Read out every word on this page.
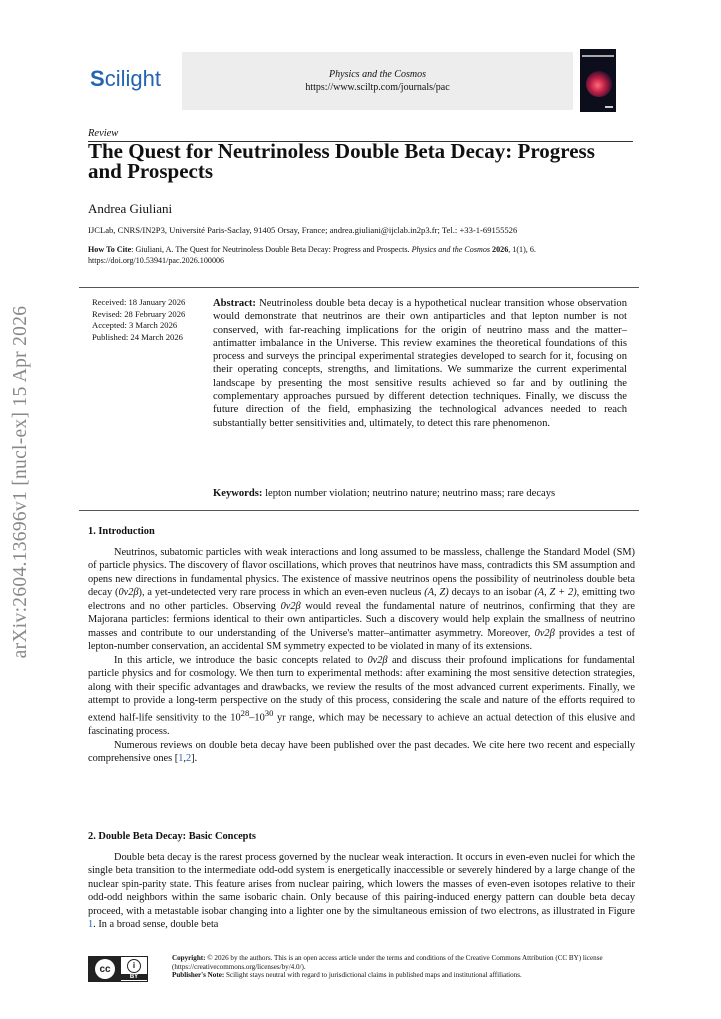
arXiv:2604.13696v1 [nucl-ex] 15 Apr 2026
Scilight	Physics and the Cosmos
https://www.sciltp.com/journals/pac
Review
The Quest for Neutrinoless Double Beta Decay: Progress and Prospects
Andrea Giuliani
IJCLab, CNRS/IN2P3, Université Paris-Saclay, 91405 Orsay, France; andrea.giuliani@ijclab.in2p3.fr; Tel.: +33-1-69155526
How To Cite: Giuliani, A. The Quest for Neutrinoless Double Beta Decay: Progress and Prospects. Physics and the Cosmos 2026, 1(1), 6.
https://doi.org/10.53941/pac.2026.100006
Received: 18 January 2026
Revised: 28 February 2026
Accepted: 3 March 2026
Published: 24 March 2026
Abstract: Neutrinoless double beta decay is a hypothetical nuclear transition whose observation would demonstrate that neutrinos are their own antiparticles and that lepton number is not conserved, with far-reaching implications for the origin of neutrino mass and the matter–antimatter imbalance in the Universe. This review examines the theoretical foundations of this process and surveys the principal experimental strategies developed to search for it, focusing on their operating concepts, strengths, and limitations. We summarize the current experimental landscape by presenting the most sensitive results achieved so far and by outlining the complementary approaches pursued by different detection techniques. Finally, we discuss the future direction of the field, emphasizing the technological advances needed to reach substantially better sensitivities and, ultimately, to detect this rare phenomenon.
Keywords: lepton number violation; neutrino nature; neutrino mass; rare decays
1. Introduction

Neutrinos, subatomic particles with weak interactions and long assumed to be massless, challenge the Standard Model (SM) of particle physics. The discovery of flavor oscillations, which proves that neutrinos have mass, contradicts this SM assumption and opens new directions in fundamental physics. The existence of massive neutrinos opens the possibility of neutrinoless double beta decay (0ν2β), a yet-undetected very rare process in which an even-even nucleus (A, Z) decays to an isobar (A, Z + 2), emitting two electrons and no other particles. Observing 0ν2β would reveal the fundamental nature of neutrinos, confirming that they are Majorana particles: fermions identical to their own antiparticles. Such a discovery would help explain the smallness of neutrino masses and contribute to our understanding of the Universe's matter–antimatter asymmetry. Moreover, 0ν2β provides a test of lepton-number conservation, an accidental SM symmetry expected to be violated in many of its extensions.

In this article, we introduce the basic concepts related to 0ν2β and discuss their profound implications for fundamental particle physics and for cosmology. We then turn to experimental methods: after examining the most sensitive detection strategies, along with their specific advantages and drawbacks, we review the results of the most advanced current experiments. Finally, we attempt to provide a long-term perspective on the study of this process, considering the scale and nature of the efforts required to extend half-life sensitivity to the $10^{28}-10^{30}$ yr range, which may be necessary to achieve an actual detection of this elusive and fascinating process.

Numerous reviews on double beta decay have been published over the past decades. We cite here two recent and especially comprehensive ones [1,2].

2. Double Beta Decay: Basic Concepts

Double beta decay is the rarest process governed by the nuclear weak interaction. It occurs in even-even nuclei for which the single beta transition to the intermediate odd-odd system is energetically inaccessible or severely hindered by a large change of the nuclear spin-parity state. This feature arises from nuclear pairing, which lowers the masses of even-even isotopes relative to their odd-odd neighbors within the same isobaric chain. Only because of this pairing-induced energy pattern can double beta decay proceed, with a metastable isobar changing into a lighter one by the simultaneous emission of two electrons, as illustrated in Figure 1. In a broad sense, double beta

cc	i
BY
Copyright: © 2026 by the authors. This is an open access article under the terms and conditions of the Creative Commons Attribution (CC BY) license (https://creativecommons.org/licenses/by/4.0/).
Publisher's Note: Scilight stays neutral with regard to jurisdictional claims in published maps and institutional affiliations.
